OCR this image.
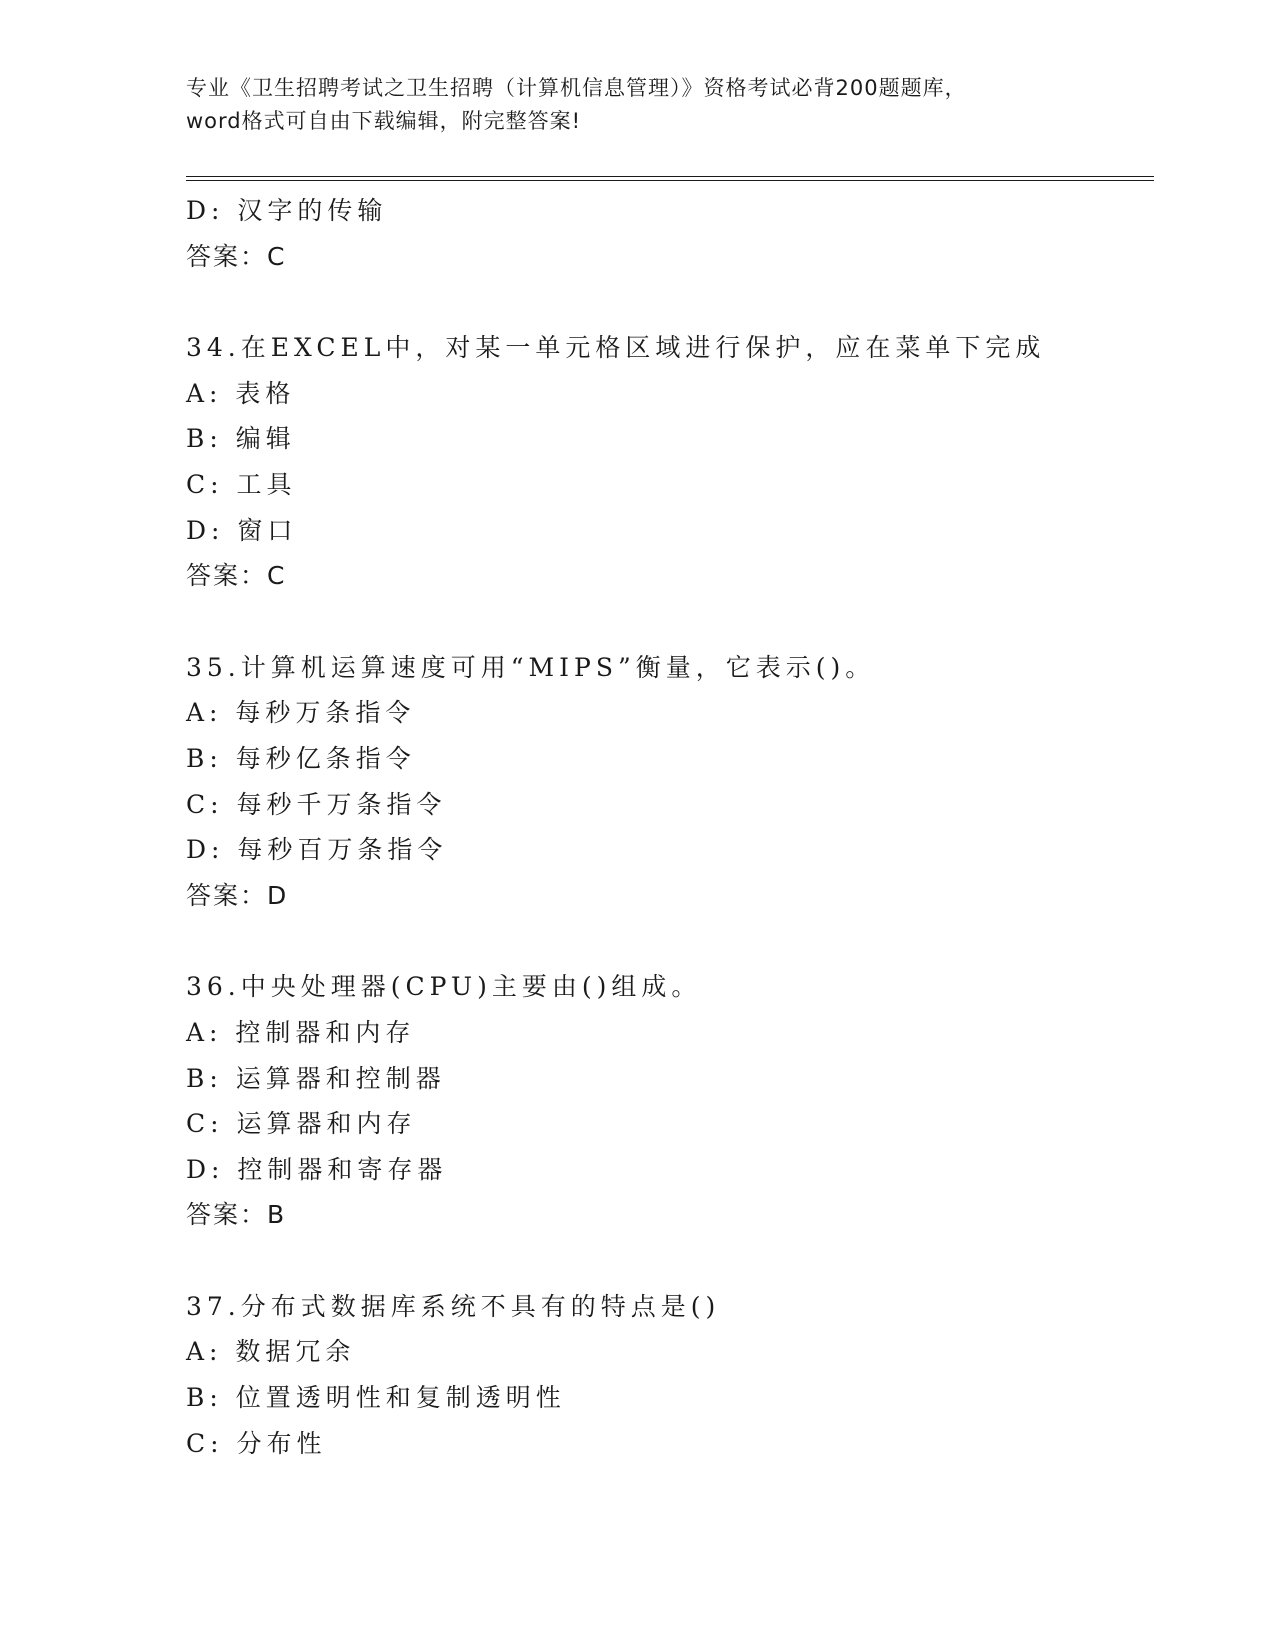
专业《卫生招聘考试之卫生招聘（计算机信息管理）》资格考试必背200题题库，
word格式可自由下载编辑，附完整答案!
D: 汉字的传输
答案：C
34.在EXCEL中，对某一单元格区域进行保护，应在菜单下完成
A: 表格
B: 编辑
C: 工具
D: 窗口
答案：C
35.计算机运算速度可用“MIPS”衡量，它表示()。
A: 每秒万条指令
B: 每秒亿条指令
C: 每秒千万条指令
D: 每秒百万条指令
答案：D
36.中央处理器(CPU)主要由()组成。
A: 控制器和内存
B: 运算器和控制器
C: 运算器和内存
D: 控制器和寄存器
答案：B
37.分布式数据库系统不具有的特点是()
A: 数据冗余
B: 位置透明性和复制透明性
C: 分布性
